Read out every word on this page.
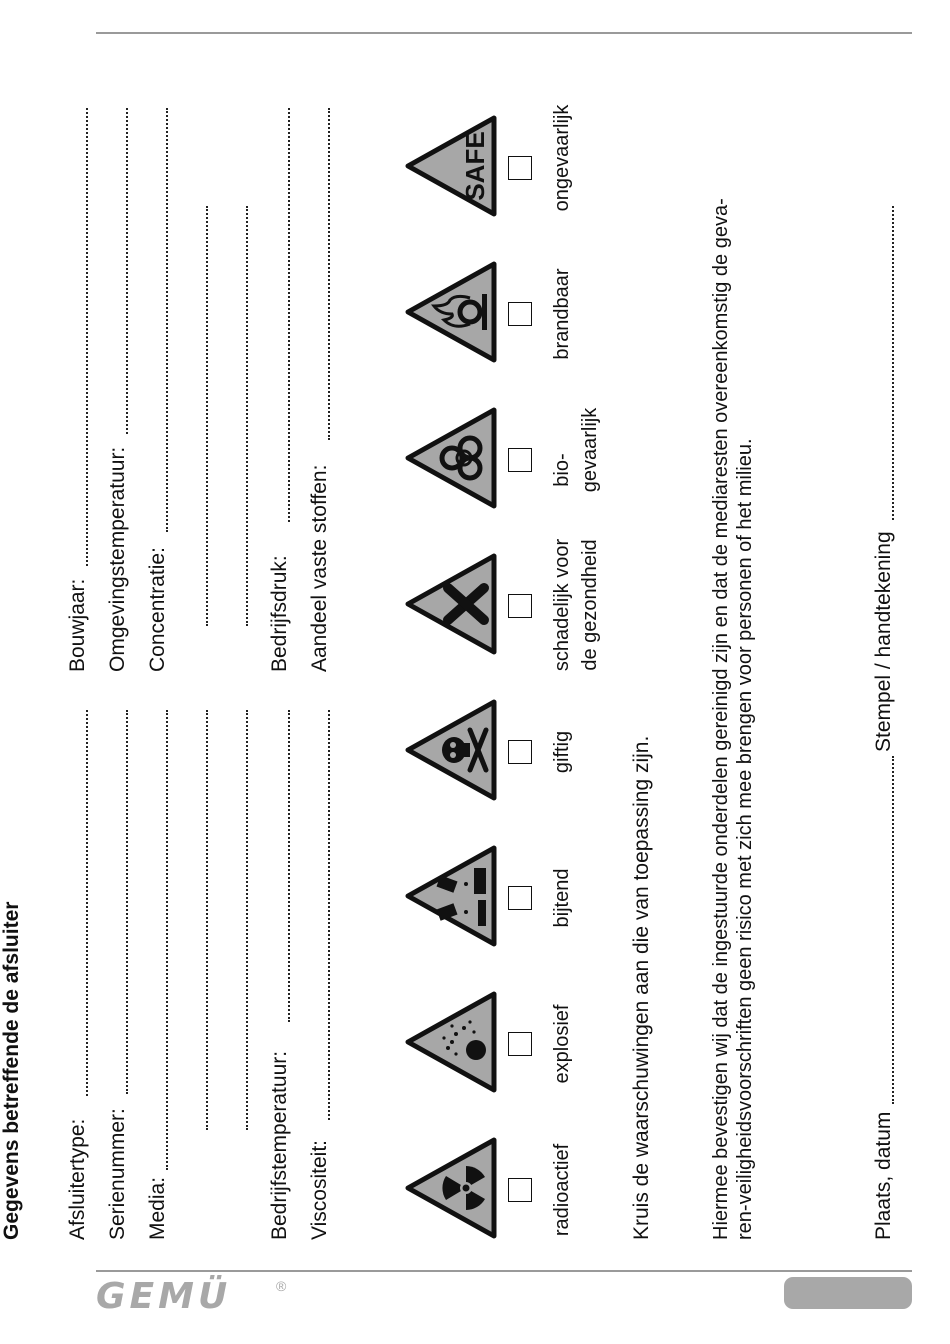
Gegevens betreffende de afsluiter Afsluitertype: Serienummer: Media:	Bedrijfstemperatuur: Viscositeit:
Bouwjaar: Omgevingstemperatuur: Concentratie:	Bedrijfsdruk: Aandeel vaste stoffen:
SAFE
radioactief
explosief
bijtend
giftig
schadelijk voor de gezondheid
bio- gevaarlijk
brandbaar
ongevaarlijk
Kruis de waarschuwingen aan die van toepassing zijn.	Hiermee bevestigen wij dat de ingestuurde onderdelen gereinigd zijn en dat de mediaresten overeenkomstig de geva- ren-veiligheidsvoorschriften geen risico met zich mee brengen voor personen of het milieu.	Plaats, datum
Stempel / handtekening
GEMÜ	®
